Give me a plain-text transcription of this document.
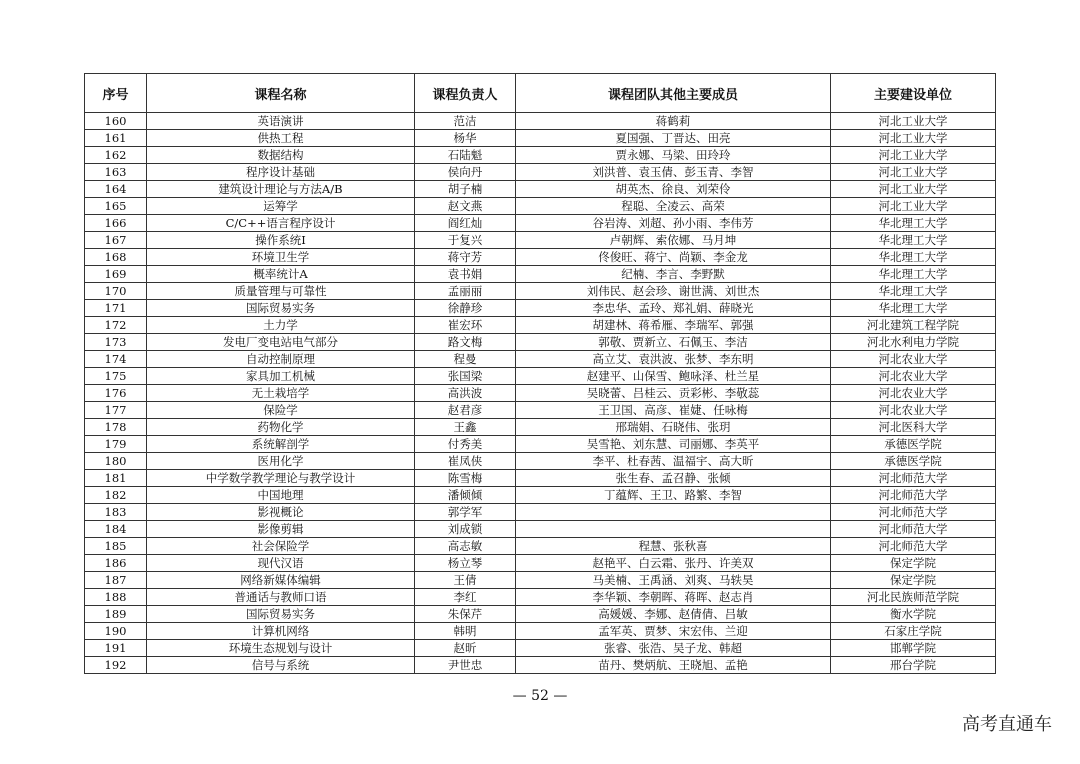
序号	课程名称	课程负责人	课程团队其他主要成员	主要建设单位
160	英语演讲	范洁	蒋鹤莉	河北工业大学
161	供热工程	杨华	夏国强、丁晋达、田亮	河北工业大学
162	数据结构	石陆魁	贾永娜、马梁、田玲玲	河北工业大学
163	程序设计基础	侯向丹	刘洪普、袁玉倩、彭玉青、李智	河北工业大学
164	建筑设计理论与方法A/B	胡子楠	胡英杰、徐良、刘荣伶	河北工业大学
165	运筹学	赵文燕	程聪、全凌云、高荣	河北工业大学
166	C/C++语言程序设计	阎红灿	谷岩涛、刘超、孙小雨、李伟芳	华北理工大学
167	操作系统Ⅰ	于复兴	卢朝辉、索依娜、马月坤	华北理工大学
168	环境卫生学	蒋守芳	佟俊旺、蒋宁、尚颖、李金龙	华北理工大学
169	概率统计A	袁书娟	纪楠、李言、李野默	华北理工大学
170	质量管理与可靠性	孟丽丽	刘伟民、赵会珍、谢世满、刘世杰	华北理工大学
171	国际贸易实务	徐静珍	李忠华、孟玲、郑礼娟、薛晓光	华北理工大学
172	土力学	崔宏环	胡建林、蒋希雁、李瑞军、郭强	河北建筑工程学院
173	发电厂变电站电气部分	路文梅	郭敬、贾新立、石佩玉、李洁	河北水利电力学院
174	自动控制原理	程曼	高立艾、袁洪波、张梦、李东明	河北农业大学
175	家具加工机械	张国梁	赵建平、山保雪、鲍咏泽、杜兰星	河北农业大学
176	无土栽培学	高洪波	吴晓蕾、吕桂云、贡彩彬、李敬蕊	河北农业大学
177	保险学	赵君彦	王卫国、高彦、崔婕、任咏梅	河北农业大学
178	药物化学	王鑫	邢瑞娟、石晓伟、张玥	河北医科大学
179	系统解剖学	付秀美	吴雪艳、刘东慧、司丽娜、李英平	承德医学院
180	医用化学	崔凤侠	李平、杜春茜、温福宇、高大昕	承德医学院
181	中学数学教学理论与教学设计	陈雪梅	张生春、孟召静、张倾	河北师范大学
182	中国地理	潘倾倾	丁蕴辉、王卫、路繁、李智	河北师范大学
183	影视概论	郭学军		河北师范大学
184	影像剪辑	刘成锁		河北师范大学
185	社会保险学	高志敏	程慧、张秋喜	河北师范大学
186	现代汉语	杨立琴	赵艳平、白云霜、张丹、许美双	保定学院
187	网络新媒体编辑	王倩	马美楠、王禹涵、刘爽、马轶昊	保定学院
188	普通话与教师口语	李红	李华颖、李朝晖、蒋晖、赵志肖	河北民族师范学院
189	国际贸易实务	朱保芹	高媛媛、李娜、赵倩倩、吕敏	衡水学院
190	计算机网络	韩明	孟军英、贾梦、宋宏伟、兰迎	石家庄学院
191	环境生态规划与设计	赵昕	张睿、张浩、吴子龙、韩超	邯郸学院
192	信号与系统	尹世忠	苗丹、樊炳航、王晓旭、孟艳	邢台学院
— 52 —
高考直通车
